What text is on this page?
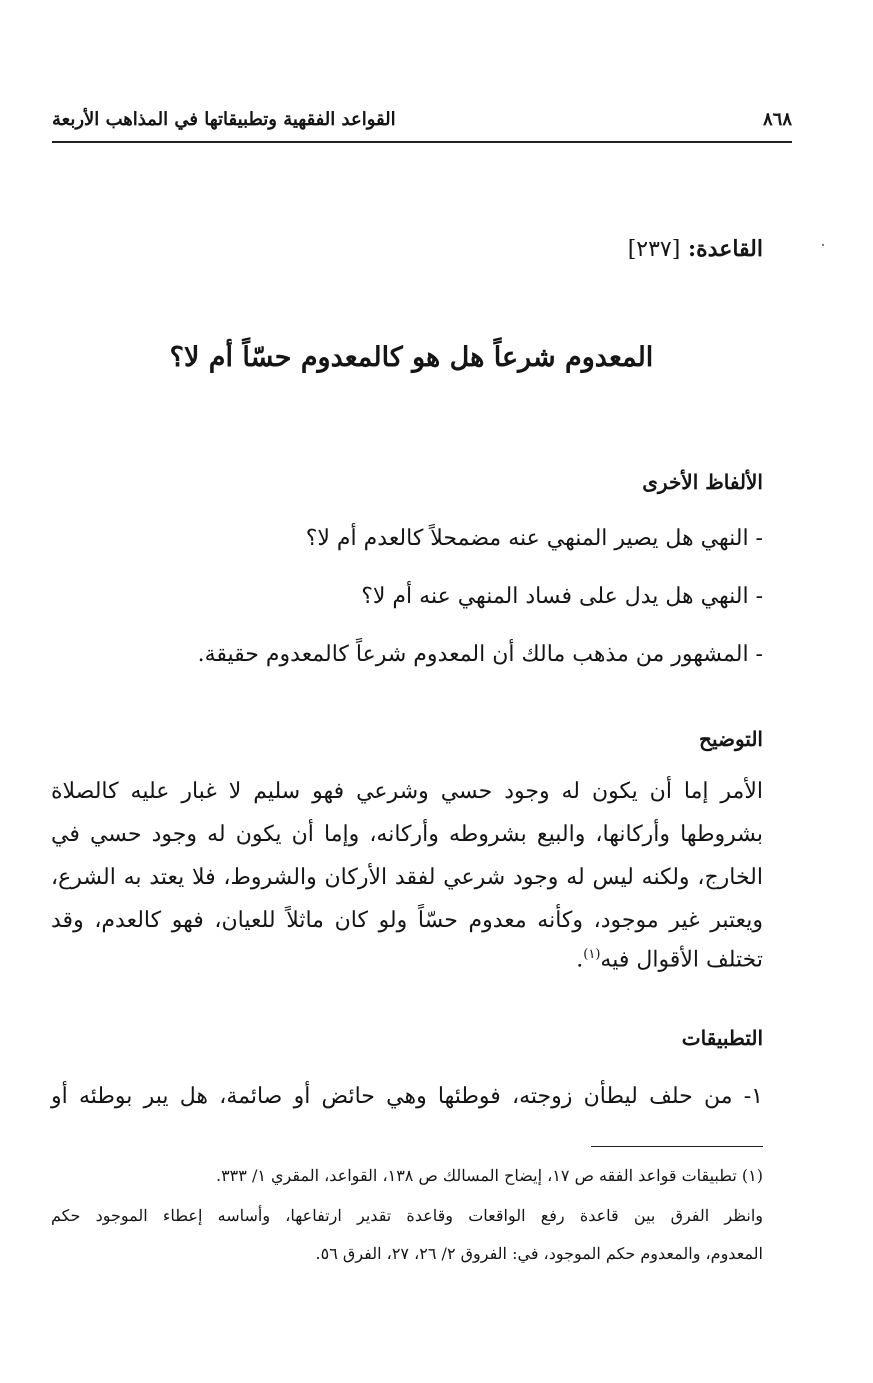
٨٦٨
القواعد الفقهية وتطبيقاتها في المذاهب الأربعة
القاعدة: [٢٣٧]
المعدوم شرعاً هل هو كالمعدوم حسّاً أم لا؟
الألفاظ الأخرى
- النهي هل يصير المنهي عنه مضمحلاً كالعدم أم لا؟
- النهي هل يدل على فساد المنهي عنه أم لا؟
- المشهور من مذهب مالك أن المعدوم شرعاً كالمعدوم حقيقة.
التوضيح
الأمر إما أن يكون له وجود حسي وشرعي فهو سليم لا غبار عليه كالصلاة
بشروطها وأركانها، والبيع بشروطه وأركانه، وإما أن يكون له وجود حسي في
الخارج، ولكنه ليس له وجود شرعي لفقد الأركان والشروط، فلا يعتد به الشرع،
ويعتبر غير موجود، وكأنه معدوم حسّاً ولو كان ماثلاً للعيان، فهو كالعدم، وقد
تختلف الأقوال فيه$^{(١)}$.
التطبيقات
١- من حلف ليطأن زوجته، فوطئها وهي حائض أو صائمة، هل يبر بوطئه أو
(١) تطبيقات قواعد الفقه ص ١٧، إيضاح المسالك ص ١٣٨، القواعد، المقري ١/ ٣٣٣.
وانظر الفرق بين قاعدة رفع الواقعات وقاعدة تقدير ارتفاعها، وأساسه إعطاء الموجود حكم
المعدوم، والمعدوم حكم الموجود، في: الفروق ٢/ ٢٦، ٢٧، الفرق ٥٦.
